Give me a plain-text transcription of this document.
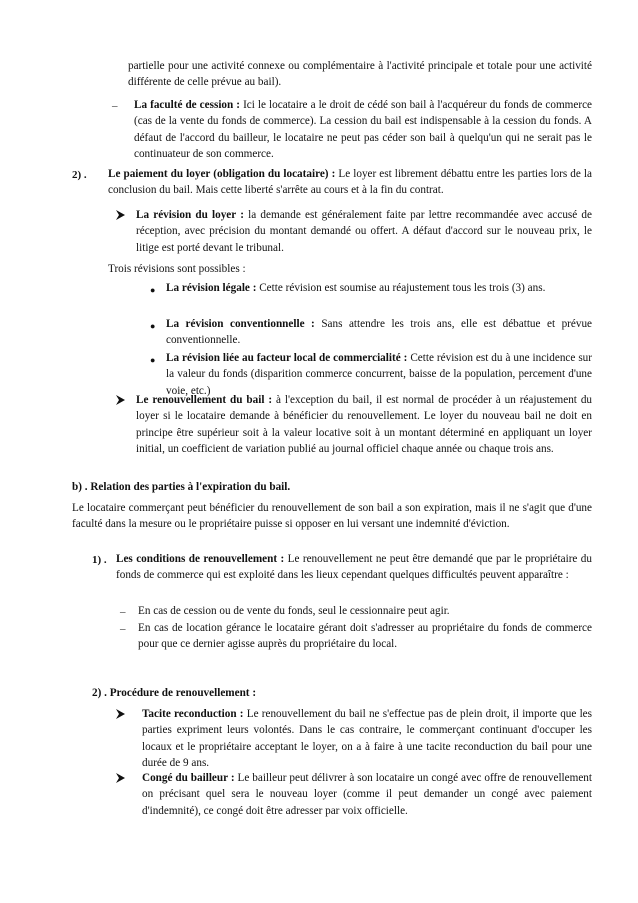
partielle pour une activité connexe ou complémentaire à l'activité principale et totale pour une activité différente de celle prévue au bail).

– La faculté de cession : Ici le locataire a le droit de cédé son bail à l'acquéreur du fonds de commerce (cas de la vente du fonds de commerce). La cession du bail est indispensable à la cession du fonds. A défaut de l'accord du bailleur, le locataire ne peut pas céder son bail à quelqu'un qui ne serait pas le continuateur de son commerce.

2) . Le paiement du loyer (obligation du locataire) : Le loyer est librement débattu entre les parties lors de la conclusion du bail. Mais cette liberté s'arrête au cours et à la fin du contrat.

La révision du loyer : la demande est généralement faite par lettre recommandée avec accusé de réception, avec précision du montant demandé ou offert. A défaut d'accord sur le nouveau prix, le litige est porté devant le tribunal.

Trois révisions sont possibles :

● La révision légale : Cette révision est soumise au réajustement tous les trois (3) ans.

● La révision conventionnelle : Sans attendre les trois ans, elle est débattue et prévue conventionnelle.

● La révision liée au facteur local de commercialité : Cette révision est du à une incidence sur la valeur du fonds (disparition commerce concurrent, baisse de la population, percement d'une voie, etc.)

Le renouvellement du bail : à l'exception du bail, il est normal de procéder à un réajustement du loyer si le locataire demande à bénéficier du renouvellement. Le loyer du nouveau bail ne doit en principe être supérieur soit à la valeur locative soit à un montant déterminé en appliquant un loyer initial, un coefficient de variation publié au journal officiel chaque année ou chaque trois ans.

b) . Relation des parties à l'expiration du bail.

Le locataire commerçant peut bénéficier du renouvellement de son bail a son expiration, mais il ne s'agit que d'une faculté dans la mesure ou le propriétaire puisse si opposer en lui versant une indemnité d'éviction.

1) . Les conditions de renouvellement : Le renouvellement ne peut être demandé que par le propriétaire du fonds de commerce qui est exploité dans les lieux cependant quelques difficultés peuvent apparaître :

– En cas de cession ou de vente du fonds, seul le cessionnaire peut agir.

– En cas de location gérance le locataire gérant doit s'adresser au propriétaire du fonds de commerce pour que ce dernier agisse auprès du propriétaire du local.

2) . Procédure de renouvellement :

Tacite reconduction : Le renouvellement du bail ne s'effectue pas de plein droit, il importe que les parties expriment leurs volontés. Dans le cas contraire, le commerçant continuant d'occuper les locaux et le propriétaire acceptant le loyer, on a à faire à une tacite reconduction du bail pour une durée de 9 ans.

Congé du bailleur : Le bailleur peut délivrer à son locataire un congé avec offre de renouvellement on précisant quel sera le nouveau loyer (comme il peut demander un congé avec paiement d'indemnité), ce congé doit être adresser par voix officielle.
